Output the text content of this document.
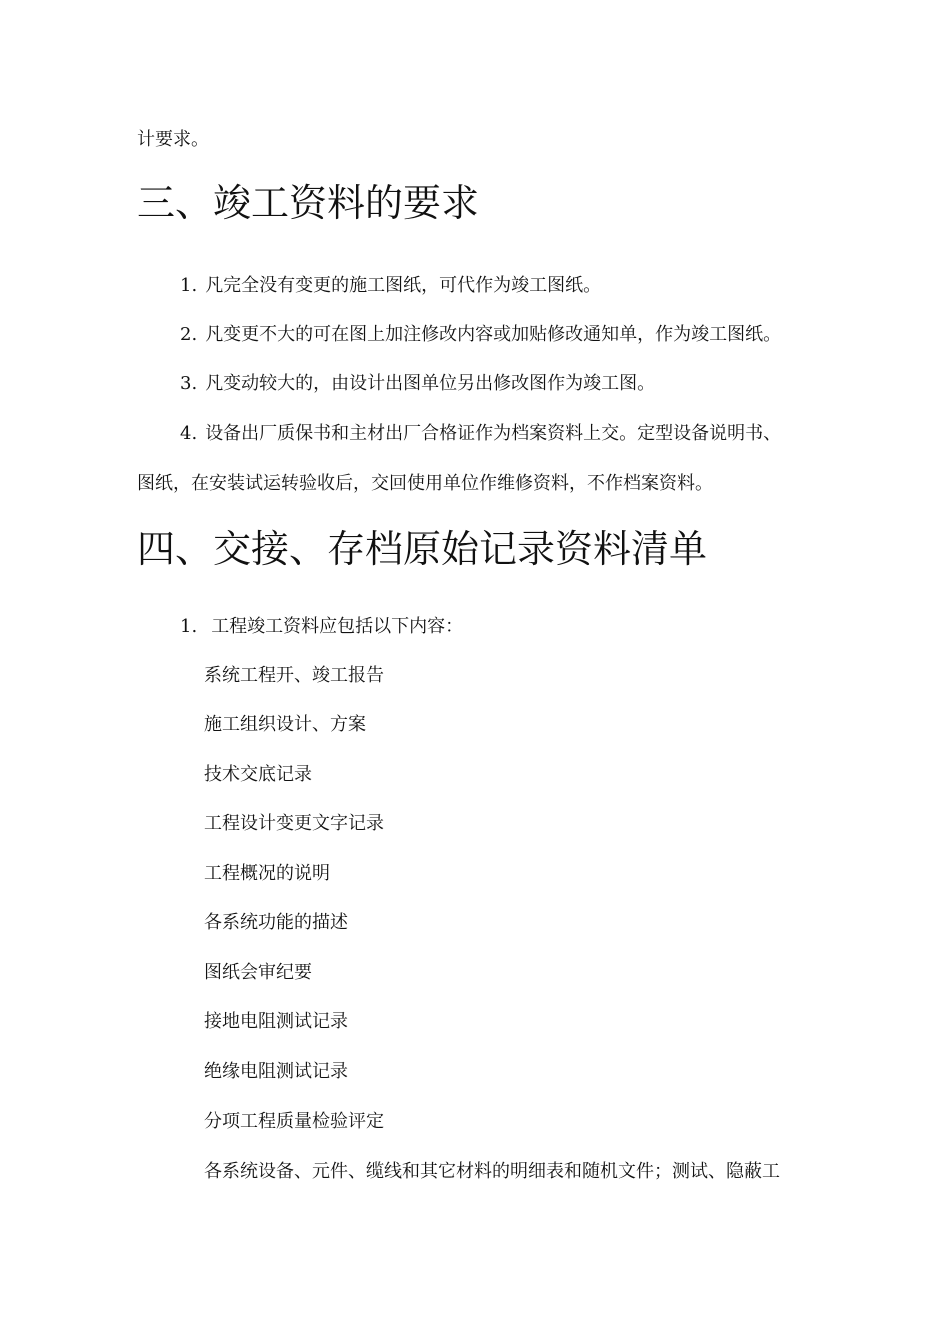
计要求。
三、竣工资料的要求
1. 凡完全没有变更的施工图纸，可代作为竣工图纸。
2. 凡变更不大的可在图上加注修改内容或加贴修改通知单，作为竣工图纸。
3. 凡变动较大的，由设计出图单位另出修改图作为竣工图。
4. 设备出厂质保书和主材出厂合格证作为档案资料上交。定型设备说明书、
图纸，在安装试运转验收后，交回使用单位作维修资料，不作档案资料。
四、交接、存档原始记录资料清单
1. 工程竣工资料应包括以下内容：
系统工程开、竣工报告
施工组织设计、方案
技术交底记录
工程设计变更文字记录
工程概况的说明
各系统功能的描述
图纸会审纪要
接地电阻测试记录
绝缘电阻测试记录
分项工程质量检验评定
各系统设备、元件、缆线和其它材料的明细表和随机文件；测试、隐蔽工
